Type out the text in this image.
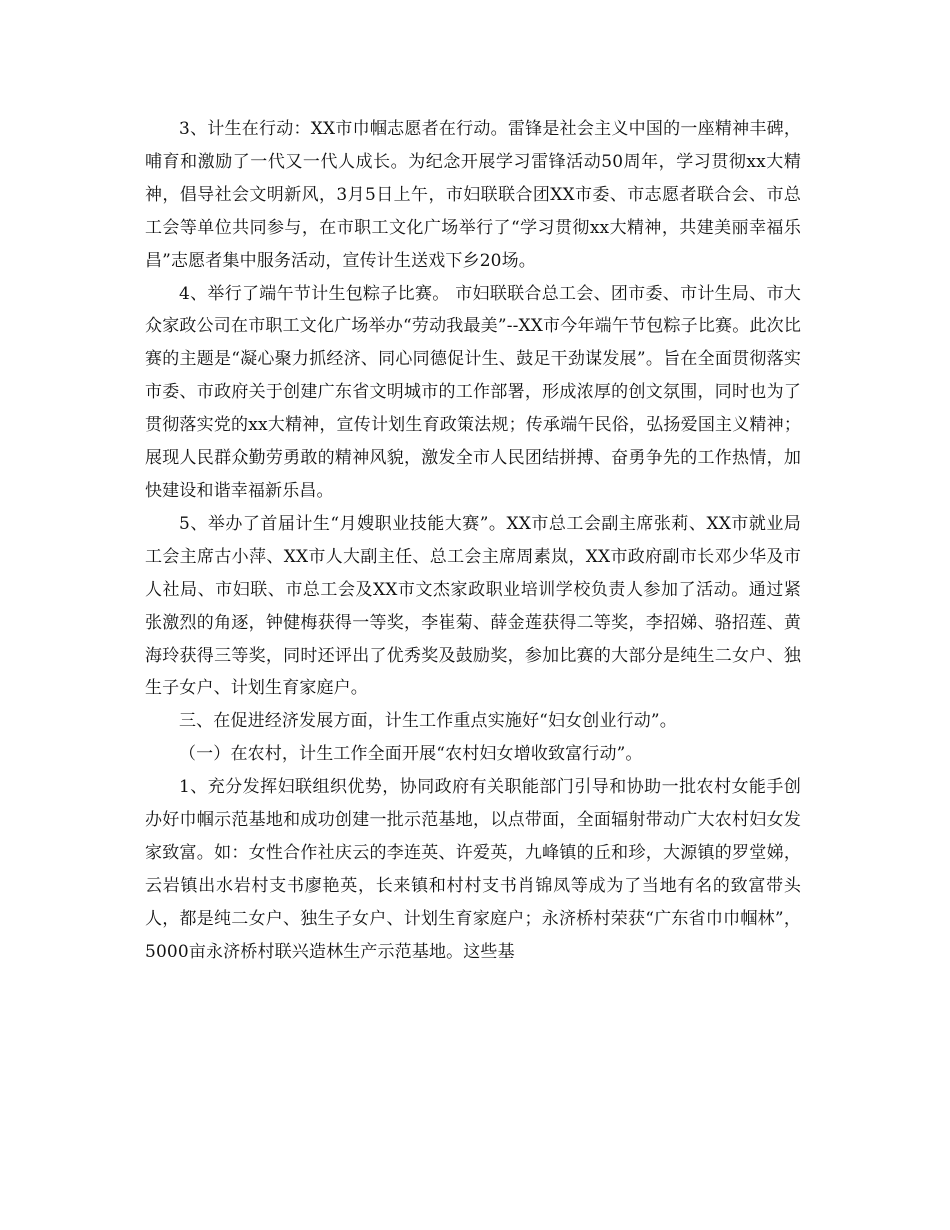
3、计生在行动：XX市巾帼志愿者在行动。雷锋是社会主义中国的一座精神丰碑，哺育和激励了一代又一代人成长。为纪念开展学习雷锋活动50周年，学习贯彻xx大精神，倡导社会文明新风，3月5日上午，市妇联联合团XX市委、市志愿者联合会、市总工会等单位共同参与，在市职工文化广场举行了“学习贯彻xx大精神，共建美丽幸福乐昌”志愿者集中服务活动，宣传计生送戏下乡20场。

4、举行了端午节计生包粽子比赛。 市妇联联合总工会、团市委、市计生局、市大众家政公司在市职工文化广场举办“劳动我最美”--XX市今年端午节包粽子比赛。此次比赛的主题是“凝心聚力抓经济、同心同德促计生、鼓足干劲谋发展”。旨在全面贯彻落实市委、市政府关于创建广东省文明城市的工作部署，形成浓厚的创文氛围，同时也为了贯彻落实党的xx大精神，宣传计划生育政策法规；传承端午民俗，弘扬爱国主义精神；展现人民群众勤劳勇敢的精神风貌，激发全市人民团结拼搏、奋勇争先的工作热情，加快建设和谐幸福新乐昌。

5、举办了首届计生“月嫂职业技能大赛”。XX市总工会副主席张莉、XX市就业局工会主席古小萍、XX市人大副主任、总工会主席周素岚，XX市政府副市长邓少华及市人社局、市妇联、市总工会及XX市文杰家政职业培训学校负责人参加了活动。通过紧张激烈的角逐，钟健梅获得一等奖，李崔菊、薛金莲获得二等奖，李招娣、骆招莲、黄海玲获得三等奖，同时还评出了优秀奖及鼓励奖，参加比赛的大部分是纯生二女户、独生子女户、计划生育家庭户。

三、在促进经济发展方面，计生工作重点实施好“妇女创业行动”。

（一）在农村，计生工作全面开展“农村妇女增收致富行动”。

1、充分发挥妇联组织优势，协同政府有关职能部门引导和协助一批农村女能手创办好巾帼示范基地和成功创建一批示范基地，以点带面，全面辐射带动广大农村妇女发家致富。如：女性合作社庆云的李连英、许爱英，九峰镇的丘和珍，大源镇的罗堂娣，云岩镇出水岩村支书廖艳英，长来镇和村村支书肖锦凤等成为了当地有名的致富带头人，都是纯二女户、独生子女户、计划生育家庭户；永济桥村荣获“广东省巾巾帼林”，5000亩永济桥村联兴造林生产示范基地。这些基
